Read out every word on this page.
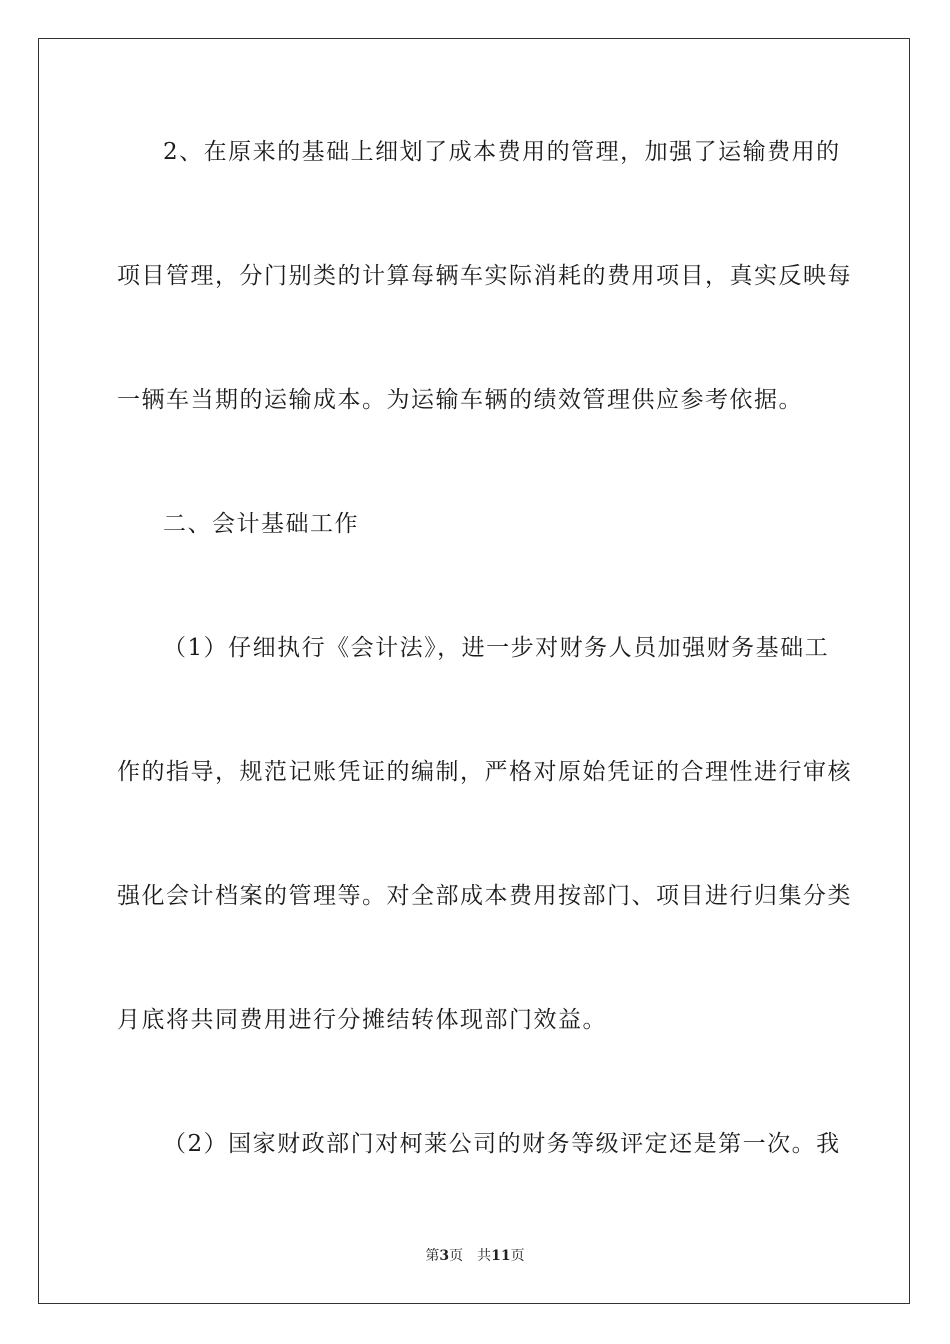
2、在原来的基础上细划了成本费用的管理，加强了运输费用的
项目管理，分门别类的计算每辆车实际消耗的费用项目，真实反映每
一辆车当期的运输成本。为运输车辆的绩效管理供应参考依据。
二、会计基础工作
（1）仔细执行《会计法》，进一步对财务人员加强财务基础工
作的指导，规范记账凭证的编制，严格对原始凭证的合理性进行审核
强化会计档案的管理等。对全部成本费用按部门、项目进行归集分类
月底将共同费用进行分摊结转体现部门效益。
（2）国家财政部门对柯莱公司的财务等级评定还是第一次。我
第3页 共11页
